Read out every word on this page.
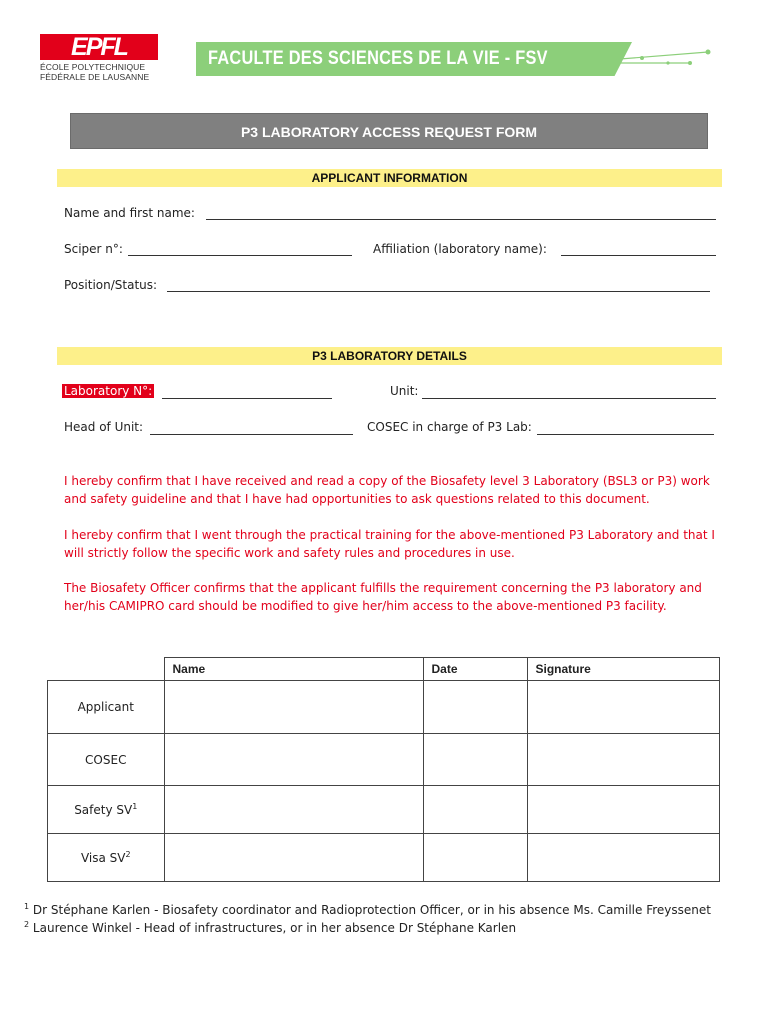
EPFL
ÉCOLE POLYTECHNIQUE
FÉDÉRALE DE LAUSANNE
FACULTE DES SCIENCES DE LA VIE - FSV
P3 LABORATORY ACCESS REQUEST FORM
APPLICANT INFORMATION
Name and first name:
Sciper n°:	Affiliation (laboratory name):
Position/Status:
P3 LABORATORY DETAILS
Laboratory N°:	Unit:
Head of Unit:	COSEC in charge of P3 Lab:
I hereby confirm that I have received and read a copy of the Biosafety level 3 Laboratory (BSL3 or P3) work and safety guideline and that I have had opportunities to ask questions related to this document.
I hereby confirm that I went through the practical training for the above-mentioned P3 Laboratory and that I will strictly follow the specific work and safety rules and procedures in use.
The Biosafety Officer confirms that the applicant fulfills the requirement concerning the P3 laboratory and her/his CAMIPRO card should be modified to give her/him access to the above-mentioned P3 facility.
	Name	Date	Signature
Applicant			
COSEC			
Safety $SV^1$			
Visa $SV^2$			
$^1$ Dr Stéphane Karlen - Biosafety coordinator and Radioprotection Officer, or in his absence Ms. Camille Freyssenet
$^2$ Laurence Winkel - Head of infrastructures, or in her absence Dr Stéphane Karlen
